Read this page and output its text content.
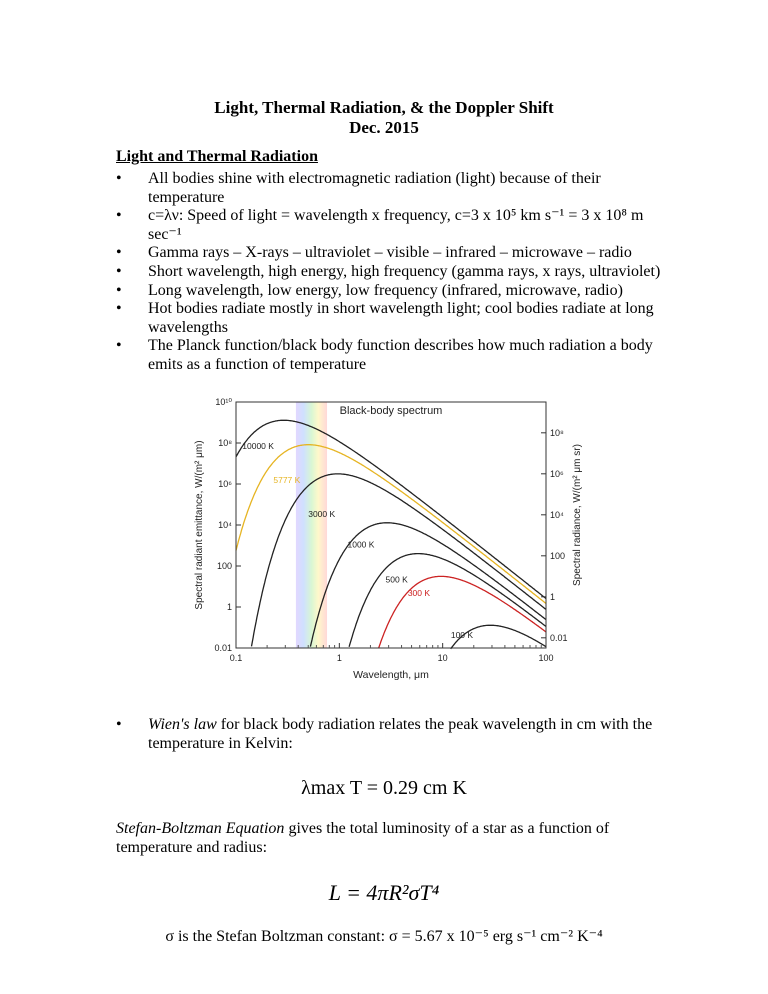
Light, Thermal Radiation, & the Doppler Shift
Dec. 2015
Light and Thermal Radiation
• All bodies shine with electromagnetic radiation (light) because of their temperature
• c=λν: Speed of light = wavelength x frequency, c=3 x 10⁵ km s⁻¹ = 3 x 10⁸ m sec⁻¹
• Gamma rays – X-rays – ultraviolet – visible – infrared – microwave – radio
• Short wavelength, high energy, high frequency (gamma rays, x rays, ultraviolet)
• Long wavelength, low energy, low frequency (infrared, microwave, radio)
• Hot bodies radiate mostly in short wavelength light; cool bodies radiate at long wavelengths
• The Planck function/black body function describes how much radiation a body emits as a function of temperature
0.1	1	10	100
0.01
1
100
10⁴
10⁶
10⁸
10¹⁰
0.01
1
100
10⁴
10⁶
10⁸
Black-body spectrum
Wavelength, μm
Spectral radiant emittance, W/(m² μm)	Spectral radiance, W/(m² μm sr)
10000 K
5777 K
3000 K
1000 K
500 K
300 K
100 K
• Wien's law for black body radiation relates the peak wavelength in cm with the temperature in Kelvin:
λmax T = 0.29 cm K
Stefan-Boltzman Equation gives the total luminosity of a star as a function of temperature and radius:
L = 4πR²σT⁴
σ is the Stefan Boltzman constant: σ = 5.67 x 10⁻⁵ erg s⁻¹ cm⁻² K⁻⁴
